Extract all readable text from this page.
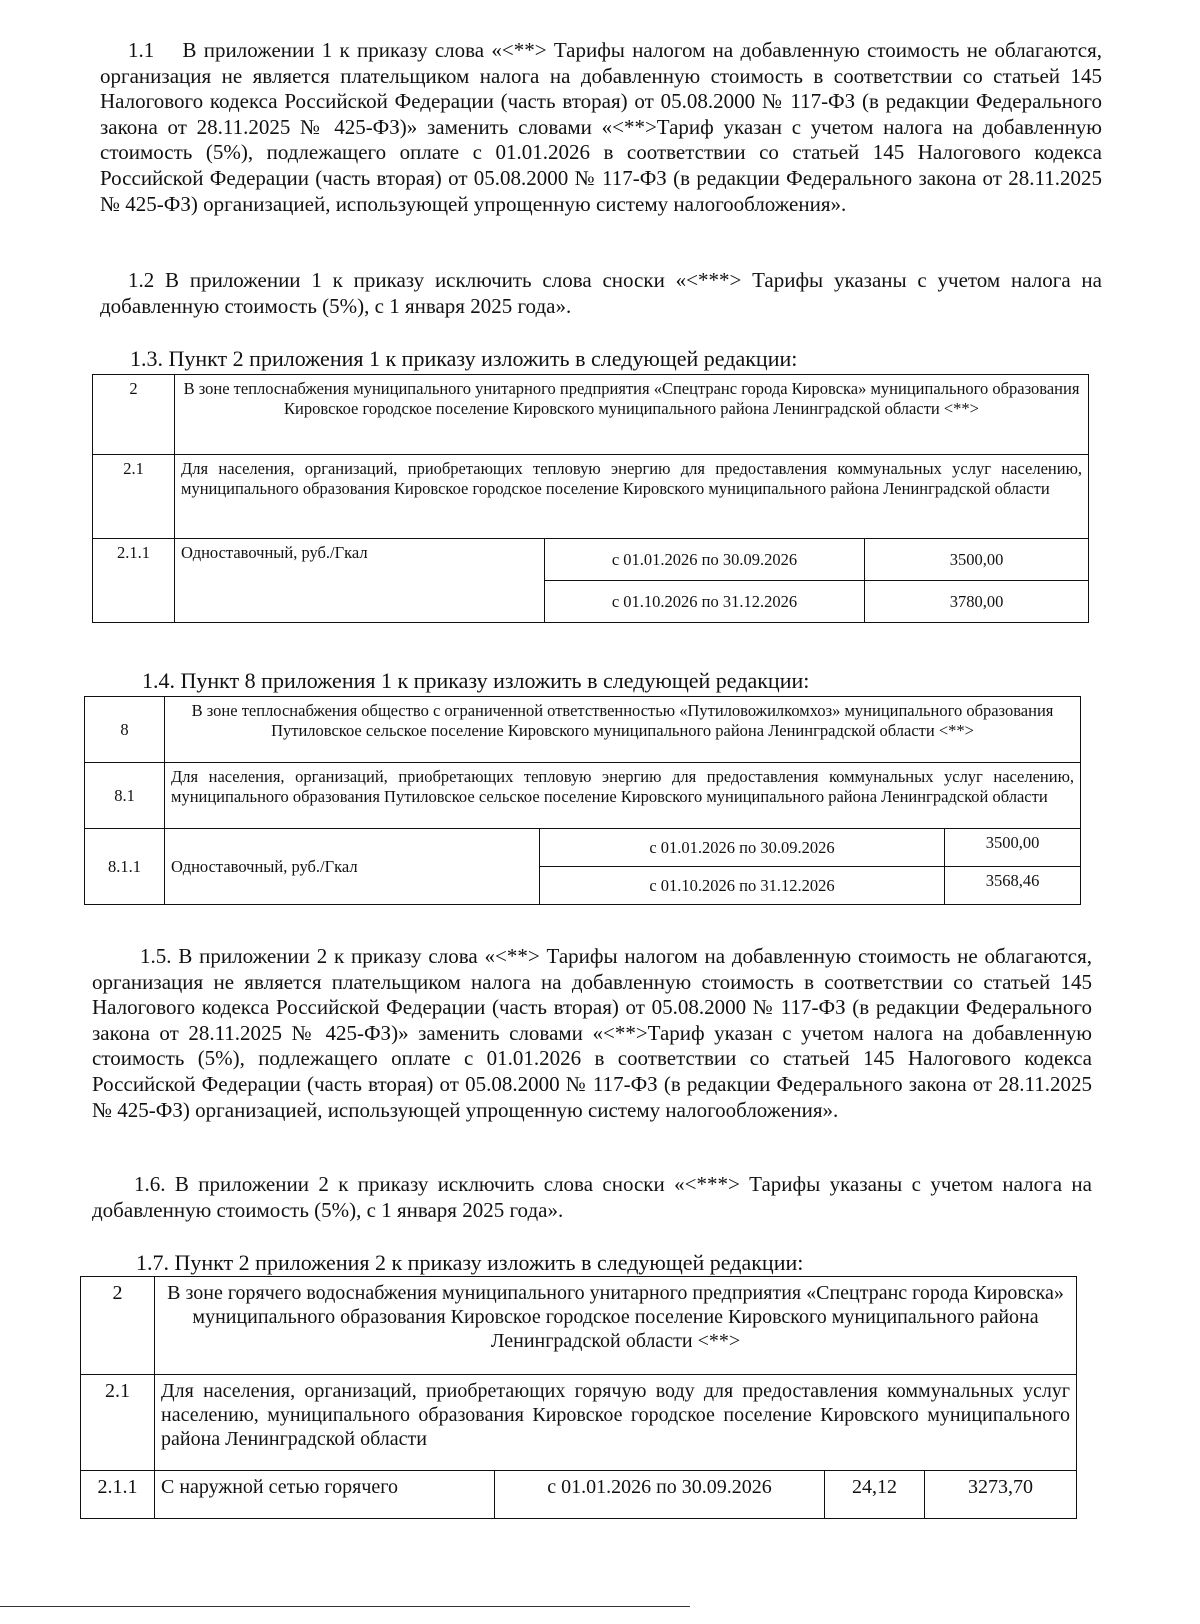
1.1  В приложении 1 к приказу слова «<**> Тарифы налогом на добавленную стоимость не облагаются, организация не является плательщиком налога на добавленную стоимость в соответствии со статьей 145 Налогового кодекса Российской Федерации (часть вторая) от 05.08.2000 № 117-ФЗ (в редакции Федерального закона от 28.11.2025 № 425-ФЗ)» заменить словами «<**>Тариф указан с учетом налога на добавленную стоимость (5%), подлежащего оплате с 01.01.2026 в соответствии со статьей 145 Налогового кодекса Российской Федерации (часть вторая) от 05.08.2000 № 117-ФЗ (в редакции Федерального закона от 28.11.2025 № 425-ФЗ) организацией, использующей упрощенную систему налогообложения».

1.2 В приложении 1 к приказу исключить слова сноски «<***> Тарифы указаны с учетом налога на добавленную стоимость (5%), с 1 января 2025 года».

1.3. Пункт 2 приложения 1 к приказу изложить в следующей редакции:

2	В зоне теплоснабжения муниципального унитарного предприятия «Спецтранс города Кировска» муниципального образования Кировское городское поселение Кировского муниципального района Ленинградской области <**>		
2.1	Для населения, организаций, приобретающих тепловую энергию для предоставления коммунальных услуг населению, муниципального образования Кировское городское поселение Кировского муниципального района Ленинградской области		
2.1.1	Одноставочный, руб./Гкал	с 01.01.2026 по 30.09.2026	3500,00
		с 01.10.2026 по 31.12.2026	3780,00

1.4. Пункт 8 приложения 1 к приказу изложить в следующей редакции:

8	В зоне теплоснабжения общество с ограниченной ответственностью «Путиловожилкомхоз» муниципального образования Путиловское сельское поселение Кировского муниципального района Ленинградской области <**>		
8.1	Для населения, организаций, приобретающих тепловую энергию для предоставления коммунальных услуг населению, муниципального образования Путиловское сельское поселение Кировского муниципального района Ленинградской области		
8.1.1	Одноставочный, руб./Гкал	с 01.01.2026 по 30.09.2026	3500,00
		с 01.10.2026 по 31.12.2026	3568,46

1.5. В приложении 2 к приказу слова «<**> Тарифы налогом на добавленную стоимость не облагаются, организация не является плательщиком налога на добавленную стоимость в соответствии со статьей 145 Налогового кодекса Российской Федерации (часть вторая) от 05.08.2000 № 117-ФЗ (в редакции Федерального закона от 28.11.2025 № 425-ФЗ)» заменить словами «<**>Тариф указан с учетом налога на добавленную стоимость (5%), подлежащего оплате с 01.01.2026 в соответствии со статьей 145 Налогового кодекса Российской Федерации (часть вторая) от 05.08.2000 № 117-ФЗ (в редакции Федерального закона от 28.11.2025 № 425-ФЗ) организацией, использующей упрощенную систему налогообложения».

1.6. В приложении 2 к приказу исключить слова сноски «<***> Тарифы указаны с учетом налога на добавленную стоимость (5%), с 1 января 2025 года».

1.7. Пункт 2 приложения 2 к приказу изложить в следующей редакции:

2	В зоне горячего водоснабжения муниципального унитарного предприятия «Спецтранс города Кировска» муниципального образования Кировское городское поселение Кировского муниципального района Ленинградской области <**>			
2.1	Для населения, организаций, приобретающих горячую воду для предоставления коммунальных услуг населению, муниципального образования Кировское городское поселение Кировского муниципального района Ленинградской области			
2.1.1	С наружной сетью горячего	с 01.01.2026 по 30.09.2026	24,12	3273,70
